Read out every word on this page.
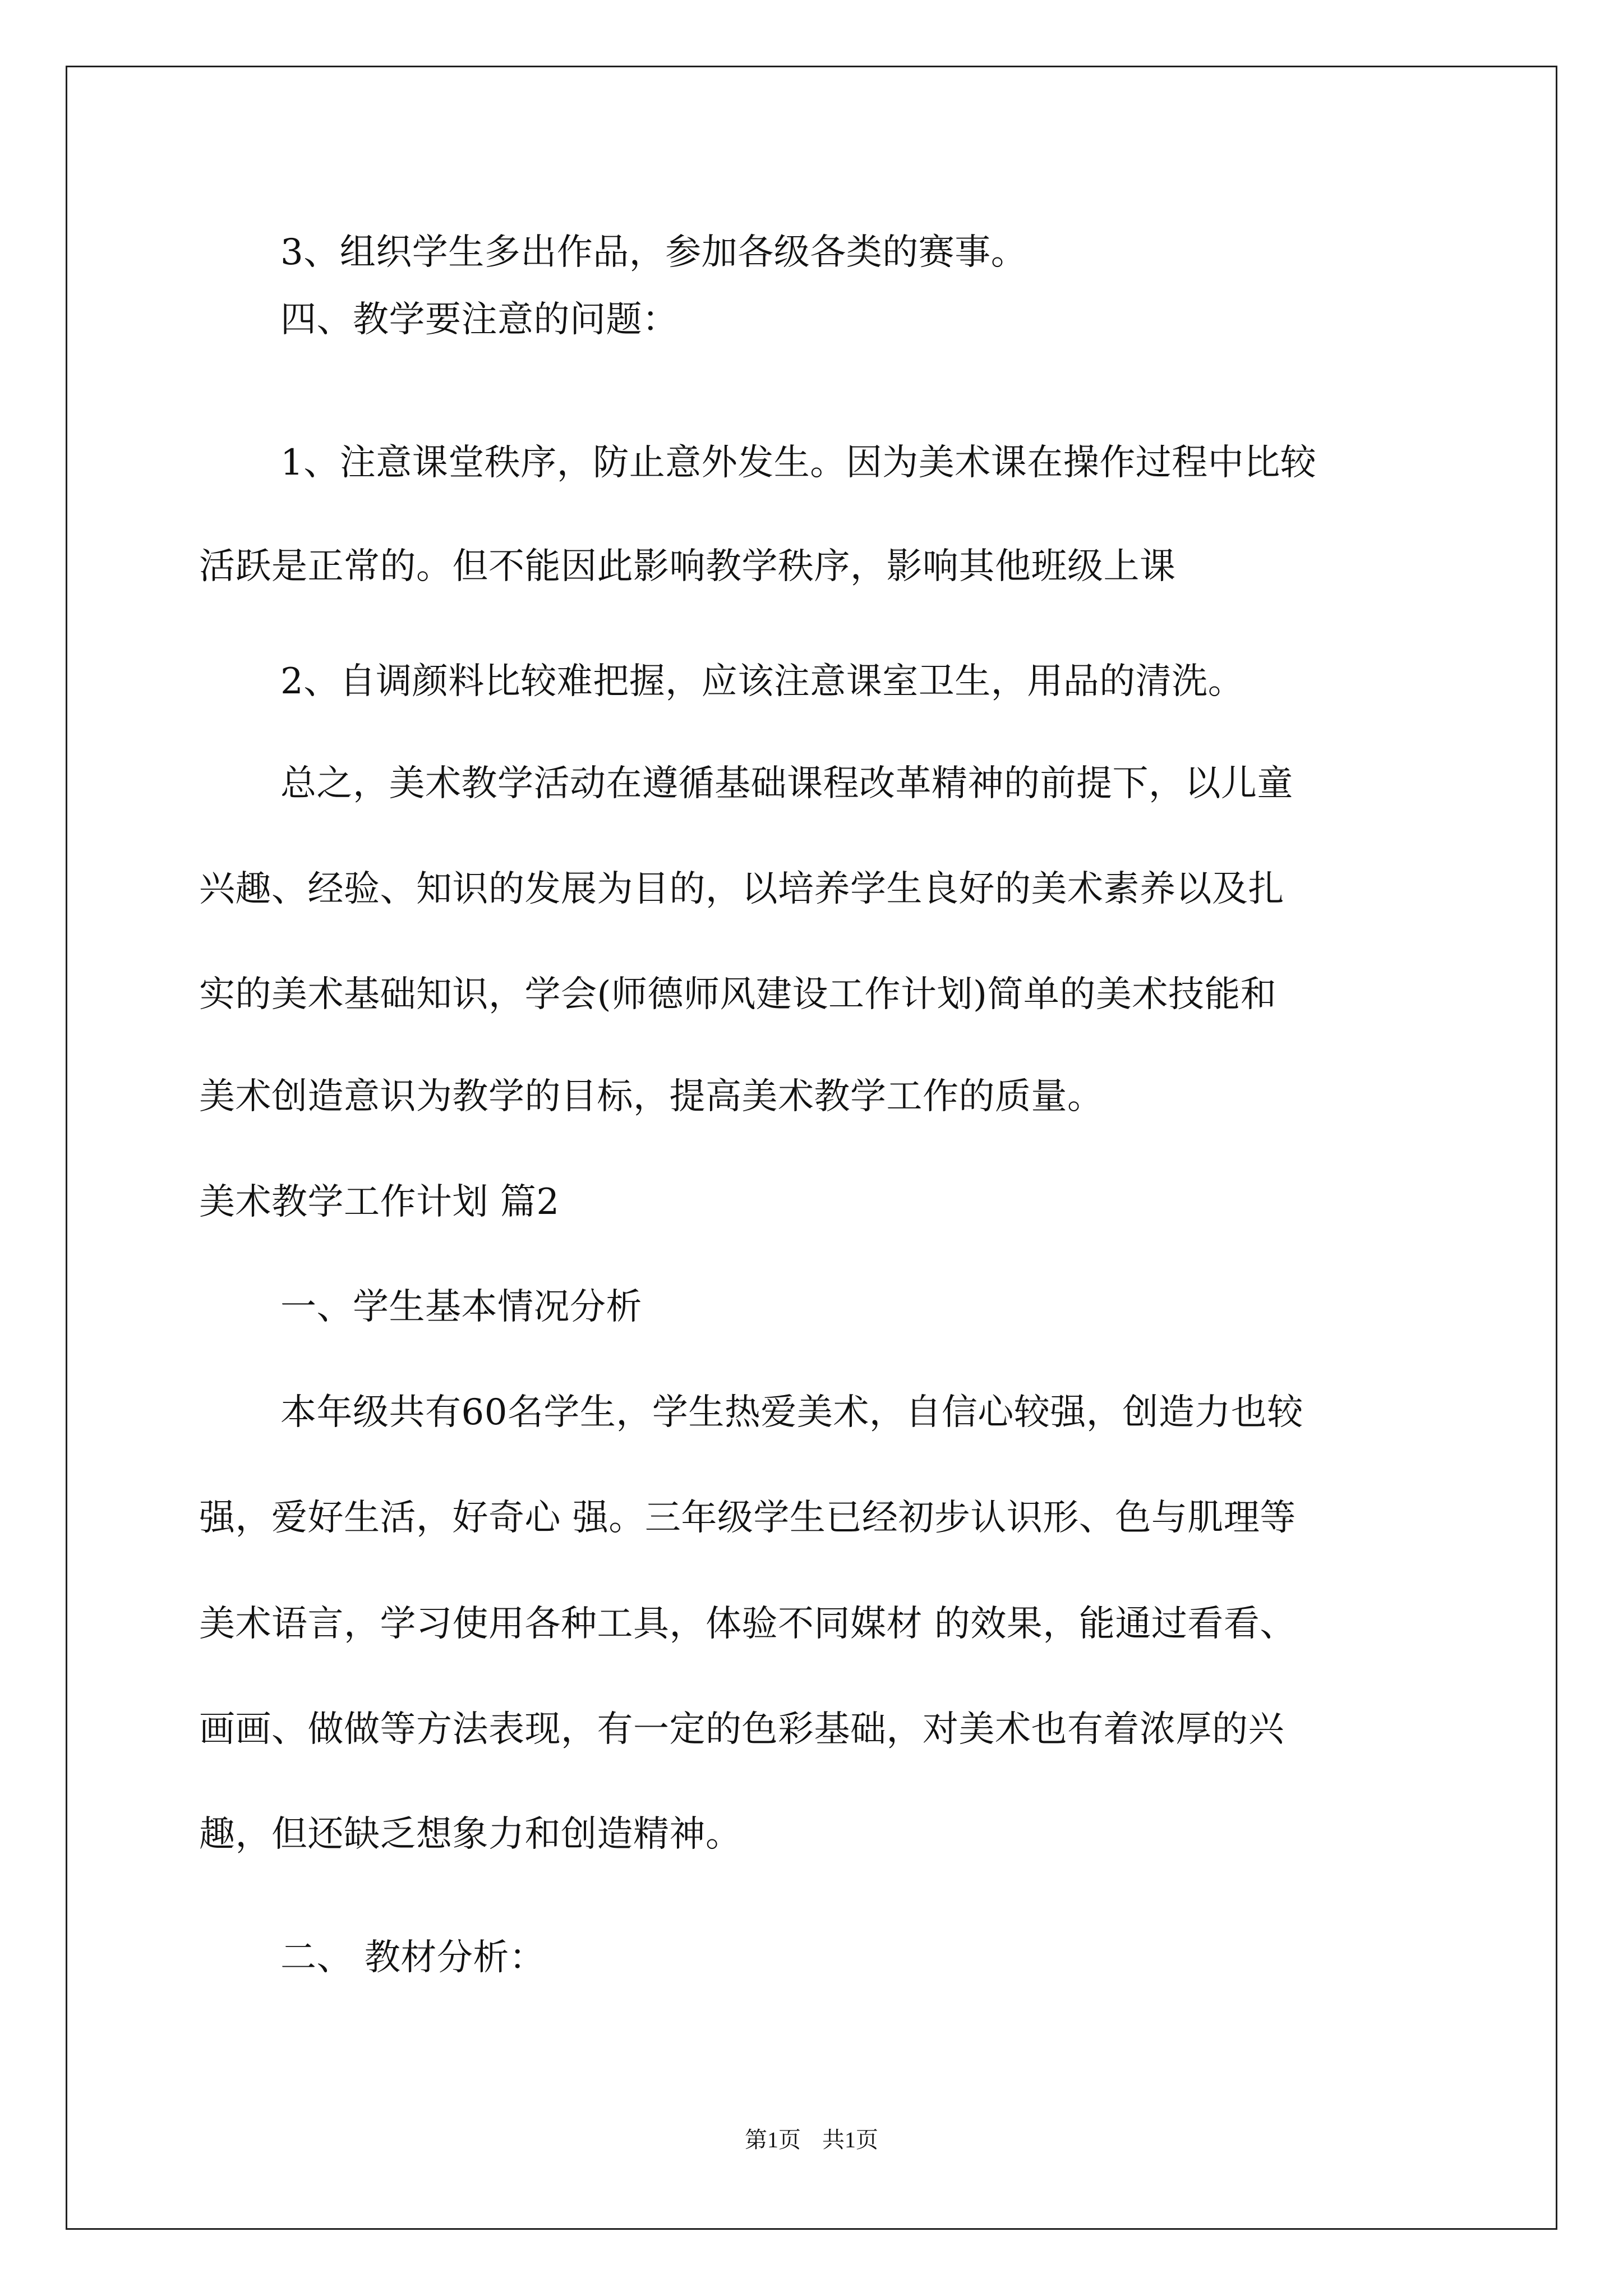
3、组织学生多出作品，参加各级各类的赛事。
四、教学要注意的问题：
1、注意课堂秩序，防止意外发生。因为美术课在操作过程中比较
活跃是正常的。但不能因此影响教学秩序，影响其他班级上课
2、自调颜料比较难把握，应该注意课室卫生，用品的清洗。
总之，美术教学活动在遵循基础课程改革精神的前提下，以儿童
兴趣、经验、知识的发展为目的，以培养学生良好的美术素养以及扎
实的美术基础知识，学会(师德师风建设工作计划)简单的美术技能和
美术创造意识为教学的目标，提高美术教学工作的质量。
美术教学工作计划 篇2
一、学生基本情况分析
本年级共有60名学生，学生热爱美术，自信心较强，创造力也较
强，爱好生活，好奇心 强。三年级学生已经初步认识形、色与肌理等
美术语言，学习使用各种工具，体验不同媒材 的效果，能通过看看、
画画、做做等方法表现，有一定的色彩基础，对美术也有着浓厚的兴
趣，但还缺乏想象力和创造精神。
二、 教材分析：
第1页 共1页
